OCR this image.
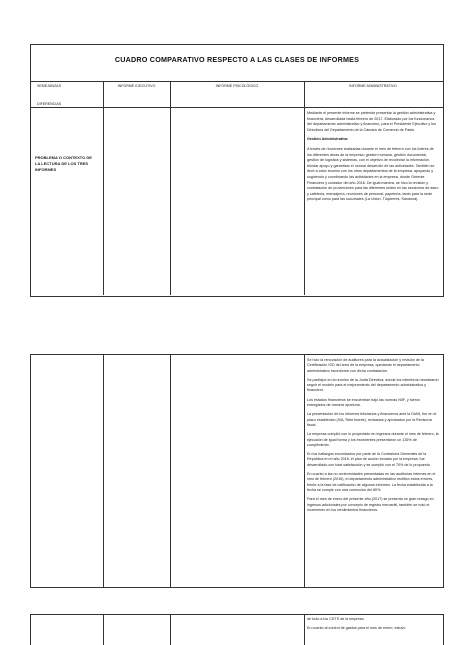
CUADRO COMPARATIVO RESPECTO A LAS CLASES DE INFORMES
SEMEJANZAS
DIFERENCIAS
INFORME EJECUTIVO	INFORME PSICOLÓGICO	INFORME ADMINISTRATIVO
PROBLEMA O CONTEXTO DE LA LECTURA DE LOS TRES INFORMES

Mediante el presente informe se pretende presentar la gestión administrativa y financiera, desarrollada hasta febrero de 2017. Elaborado por los funcionarios del departamento administrativo y financiero, para el Presidente Ejecutivo y los Directivos del Departamento de la Cámara de Comercio de Pasto.

Gestión Administrativa:

A través de reuniones realizadas durante el mes de febrero con los líderes de los diferentes áreas de la empresa; gestión humana, gestión documental, gestión de logística y sistemas, con el objetivo de recolectar la información, brindar apoyo y garantizar el normal desarrollo de las actividades. También se llevó a cabo reunión con los otros departamentos de la empresa, apoyando y sugiriendo y coordinando las actividades en la empresa, donde Gerente Financiero y contador del año 2016. De igual manera, se hizo la revisión y contratación de proveedores para las diferentes sedes en las secciones de aseo y cafetería, mensajería, reuniones de personal, papelería; tanto para la sede principal como para las sucursales (La Unión, Túquerres, Sandoná).

Se hizo la renovación de auditores para la actualización y revisión de la Certificación ISO del área de la empresa, quedando el departamento administrativo inconforme con dicha contratación.

Se participó en la reunión de la Junta Directiva, donde los miembros necesitaron seguir el modelo para el mejoramiento del departamento administrativo y financiero.

Los estados financieros se encuentran bajo las normas NIIF, y fueron entregados de manera oportuna.

La presentación de los informes tributarios y financieros ante la DIAN, fue en el plazo establecido (IVA, Rete fuente), revisados y aprobados por la Revisoría fiscal.

La empresa cumplió con lo proyectado en ingresos durante el mes de febrero, la ejecución de igual forma y los excedentes presentaron un 135% de cumplimiento.

En los hallazgos encontrados por parte de la Contraloría Generales de la República en el año 2016, el plan de acción tomado por la empresa, fue desarrollado con total satisfacción y se cumplió con el 70% de lo propuesto.

En cuanto a las no conformidades presentadas en las auditorías internas en el mes de febrero (2016), el departamento administrativo rectificó estos errores, frente a la fase de calificación de algunos informes. La fecha establecida a la fecha se cumple con una corrección del 80%.

Para el mes de enero del presente año (2017) se presenta un gran rezago en ingresos adicionales por concepto de registro mercantil, también se notó el incremento en los rendimientos financieros.

de todo a los CDTS de la empresa.

En cuanto al control de gastos para el mes de enero, estuvo
